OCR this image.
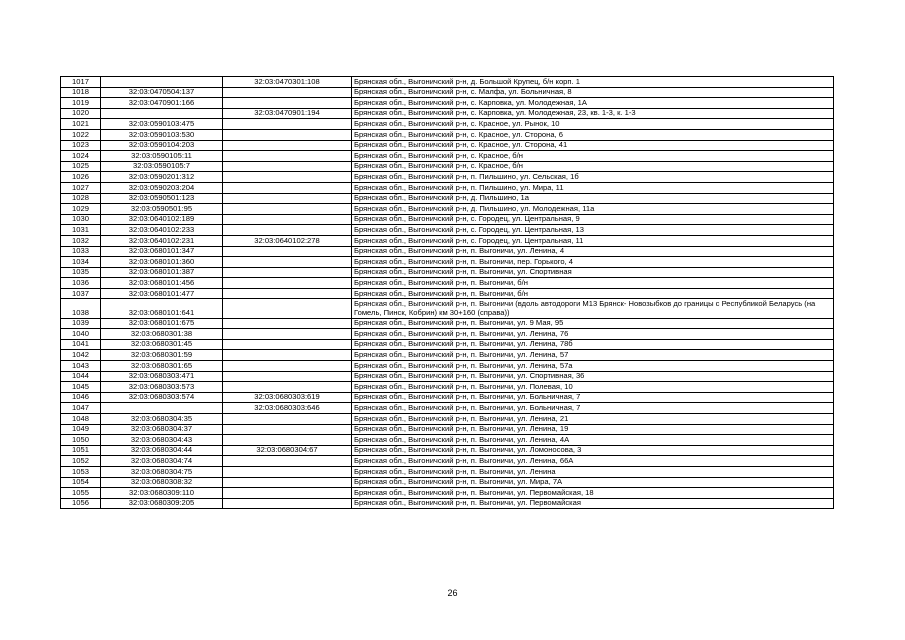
1017		32:03:0470301:108	Брянская обл., Выгоничский р-н, д. Большой Крупец, б/н корп. 1
1018	32:03:0470504:137		Брянская обл., Выгоничский р-н, с. Малфа, ул. Больничная, 8
1019	32:03:0470901:166		Брянская обл., Выгоничский р-н, с. Карповка, ул. Молодежная, 1А
1020		32:03:0470901:194	Брянская обл., Выгоничский р-н, с. Карповка, ул. Молодежная, 23, кв. 1-3, к. 1-3
1021	32:03:0590103:475		Брянская обл., Выгоничский р-н, с. Красное, ул. Рынок, 10
1022	32:03:0590103:530		Брянская обл., Выгоничский р-н, с. Красное, ул. Сторона, 6
1023	32:03:0590104:203		Брянская обл., Выгоничский р-н, с. Красное, ул. Сторона, 41
1024	32:03:0590105:11		Брянская обл., Выгоничский р-н, с. Красное, б/н
1025	32:03:0590105:7		Брянская обл., Выгоничский р-н, с. Красное, б/н
1026	32:03:0590201:312		Брянская обл., Выгоничский р-н, п. Пильшино, ул. Сельская, 1б
1027	32:03:0590203:204		Брянская обл., Выгоничский р-н, п. Пильшино, ул. Мира, 11
1028	32:03:0590501:123		Брянская обл., Выгоничский р-н, д. Пильшино, 1а
1029	32:03:0590501:95		Брянская обл., Выгоничский р-н, д. Пильшино, ул. Молодежная, 11а
1030	32:03:0640102:189		Брянская обл., Выгоничский р-н, с. Городец, ул. Центральная, 9
1031	32:03:0640102:233		Брянская обл., Выгоничский р-н, с. Городец, ул. Центральная, 13
1032	32:03:0640102:231	32:03:0640102:278	Брянская обл., Выгоничский р-н, с. Городец, ул. Центральная, 11
1033	32:03:0680101:347		Брянская обл., Выгоничский р-н, п. Выгоничи, ул. Ленина, 4
1034	32:03:0680101:360		Брянская обл., Выгоничский р-н, п. Выгоничи, пер. Горького, 4
1035	32:03:0680101:387		Брянская обл., Выгоничский р-н, п. Выгоничи, ул. Спортивная
1036	32:03:0680101:456		Брянская обл., Выгоничский р-н, п. Выгоничи, б/н
1037	32:03:0680101:477		Брянская обл., Выгоничский р-н, п. Выгоничи, б/н
1038	32:03:0680101:641		Брянская обл., Выгоничский р-н, п. Выгоничи (вдоль автодороги М13 Брянск- Новозыбков до границы с Республикой Беларусь (на Гомель, Пинск, Кобрин) км 30+160 (справа))
1039	32:03:0680101:675		Брянская обл., Выгоничский р-н, п. Выгоничи, ул. 9 Мая, 95
1040	32:03:0680301:38		Брянская обл., Выгоничский р-н, п. Выгоничи, ул. Ленина, 76
1041	32:03:0680301:45		Брянская обл., Выгоничский р-н, п. Выгоничи, ул. Ленина, 78б
1042	32:03:0680301:59		Брянская обл., Выгоничский р-н, п. Выгоничи, ул. Ленина, 57
1043	32:03:0680301:65		Брянская обл., Выгоничский р-н, п. Выгоничи, ул. Ленина, 57а
1044	32:03:0680303:471		Брянская обл., Выгоничский р-н, п. Выгоничи, ул. Спортивная, 36
1045	32:03:0680303:573		Брянская обл., Выгоничский р-н, п. Выгоничи, ул. Полевая, 10
1046	32:03:0680303:574	32:03:0680303:619	Брянская обл., Выгоничский р-н, п. Выгоничи, ул. Больничная, 7
1047		32:03:0680303:646	Брянская обл., Выгоничский р-н, п. Выгоничи, ул. Больничная, 7
1048	32:03:0680304:35		Брянская обл., Выгоничский р-н, п. Выгоничи, ул. Ленина, 21
1049	32:03:0680304:37		Брянская обл., Выгоничский р-н, п. Выгоничи, ул. Ленина, 19
1050	32:03:0680304:43		Брянская обл., Выгоничский р-н, п. Выгоничи, ул. Ленина, 4А
1051	32:03:0680304:44	32:03:0680304:67	Брянская обл., Выгоничский р-н, п. Выгоничи, ул. Ломоносова, 3
1052	32:03:0680304:74		Брянская обл., Выгоничский р-н, п. Выгоничи, ул. Ленина, 66А
1053	32:03:0680304:75		Брянская обл., Выгоничский р-н, п. Выгоничи, ул. Ленина
1054	32:03:0680308:32		Брянская обл., Выгоничский р-н, п. Выгоничи, ул. Мира, 7А
1055	32:03:0680309:110		Брянская обл., Выгоничский р-н, п. Выгоничи, ул. Первомайская, 18
1056	32:03:0680309:205		Брянская обл., Выгоничский р-н, п. Выгоничи, ул. Первомайская
26
